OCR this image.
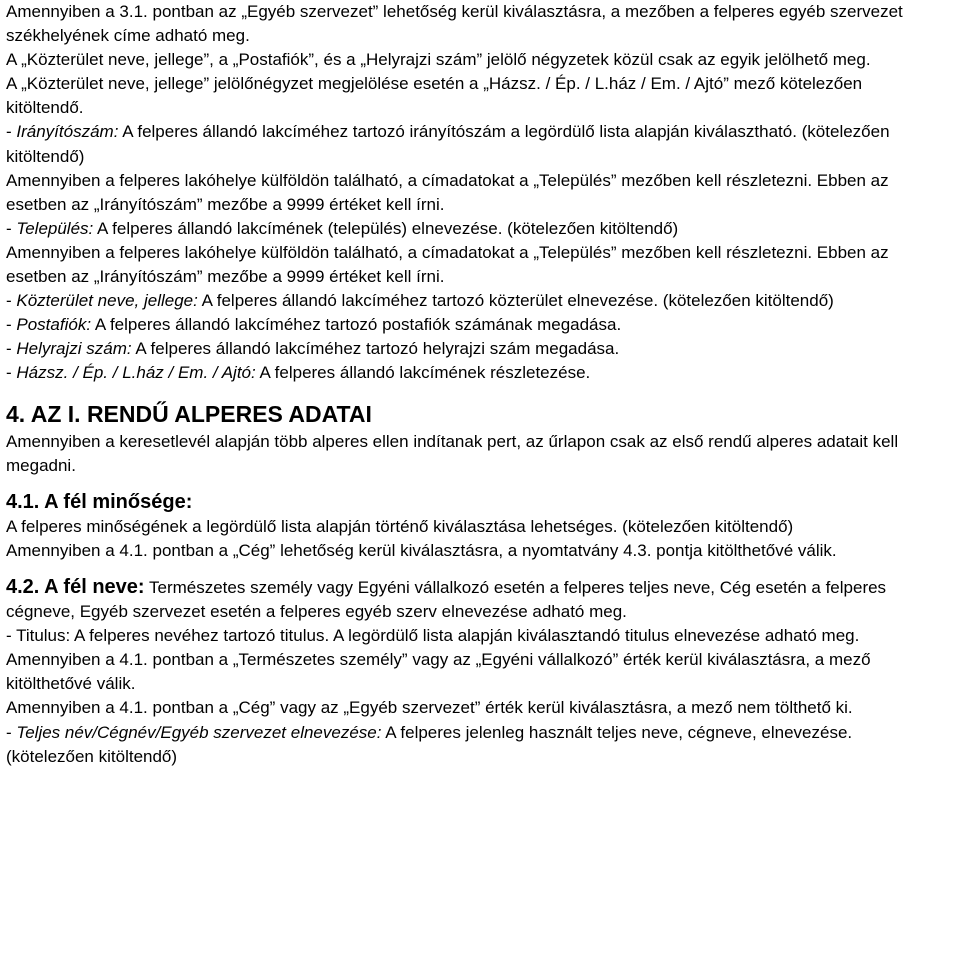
Amennyiben a 3.1. pontban az „Egyéb szervezet” lehetőség kerül kiválasztásra, a mezőben a felperes egyéb szervezet székhelyének címe adható meg.

A „Közterület neve, jellege”, a „Postafiók”, és a „Helyrajzi szám” jelölő négyzetek közül csak az egyik jelölhető meg.

A „Közterület neve, jellege” jelölőnégyzet megjelölése esetén a „Házsz. / Ép. / L.ház / Em. / Ajtó” mező kötelezően kitöltendő.

- Irányítószám: A felperes állandó lakcíméhez tartozó irányítószám a legördülő lista alapján kiválasztható. (kötelezően kitöltendő)

Amennyiben a felperes lakóhelye külföldön található, a címadatokat a „Település” mezőben kell részletezni. Ebben az esetben az „Irányítószám” mezőbe a 9999 értéket kell írni.

- Település: A felperes állandó lakcímének (település) elnevezése. (kötelezően kitöltendő)

Amennyiben a felperes lakóhelye külföldön található, a címadatokat a „Település” mezőben kell részletezni. Ebben az esetben az „Irányítószám” mezőbe a 9999 értéket kell írni.

- Közterület neve, jellege: A felperes állandó lakcíméhez tartozó közterület elnevezése. (kötelezően kitöltendő)

- Postafiók: A felperes állandó lakcíméhez tartozó postafiók számának megadása.

- Helyrajzi szám: A felperes állandó lakcíméhez tartozó helyrajzi szám megadása.

- Házsz. / Ép. / L.ház / Em. / Ajtó: A felperes állandó lakcímének részletezése.

4. AZ I. RENDŰ ALPERES ADATAI

Amennyiben a keresetlevél alapján több alperes ellen indítanak pert, az űrlapon csak az első rendű alperes adatait kell megadni.

4.1. A fél minősége:

A felperes minőségének a legördülő lista alapján történő kiválasztása lehetséges. (kötelezően kitöltendő)

Amennyiben a 4.1. pontban a „Cég” lehetőség kerül kiválasztásra, a nyomtatvány 4.3. pontja kitölthetővé válik.

4.2. A fél neve: Természetes személy vagy Egyéni vállalkozó esetén a felperes teljes neve, Cég esetén a felperes cégneve, Egyéb szervezet esetén a felperes egyéb szerv elnevezése adható meg.

- Titulus: A felperes nevéhez tartozó titulus. A legördülő lista alapján kiválasztandó titulus elnevezése adható meg.

Amennyiben a 4.1. pontban a „Természetes személy” vagy az „Egyéni vállalkozó” érték kerül kiválasztásra, a mező kitölthetővé válik.

Amennyiben a 4.1. pontban a „Cég” vagy az „Egyéb szervezet” érték kerül kiválasztásra, a mező nem tölthető ki.

- Teljes név/Cégnév/Egyéb szervezet elnevezése: A felperes jelenleg használt teljes neve, cégneve, elnevezése. (kötelezően kitöltendő)
